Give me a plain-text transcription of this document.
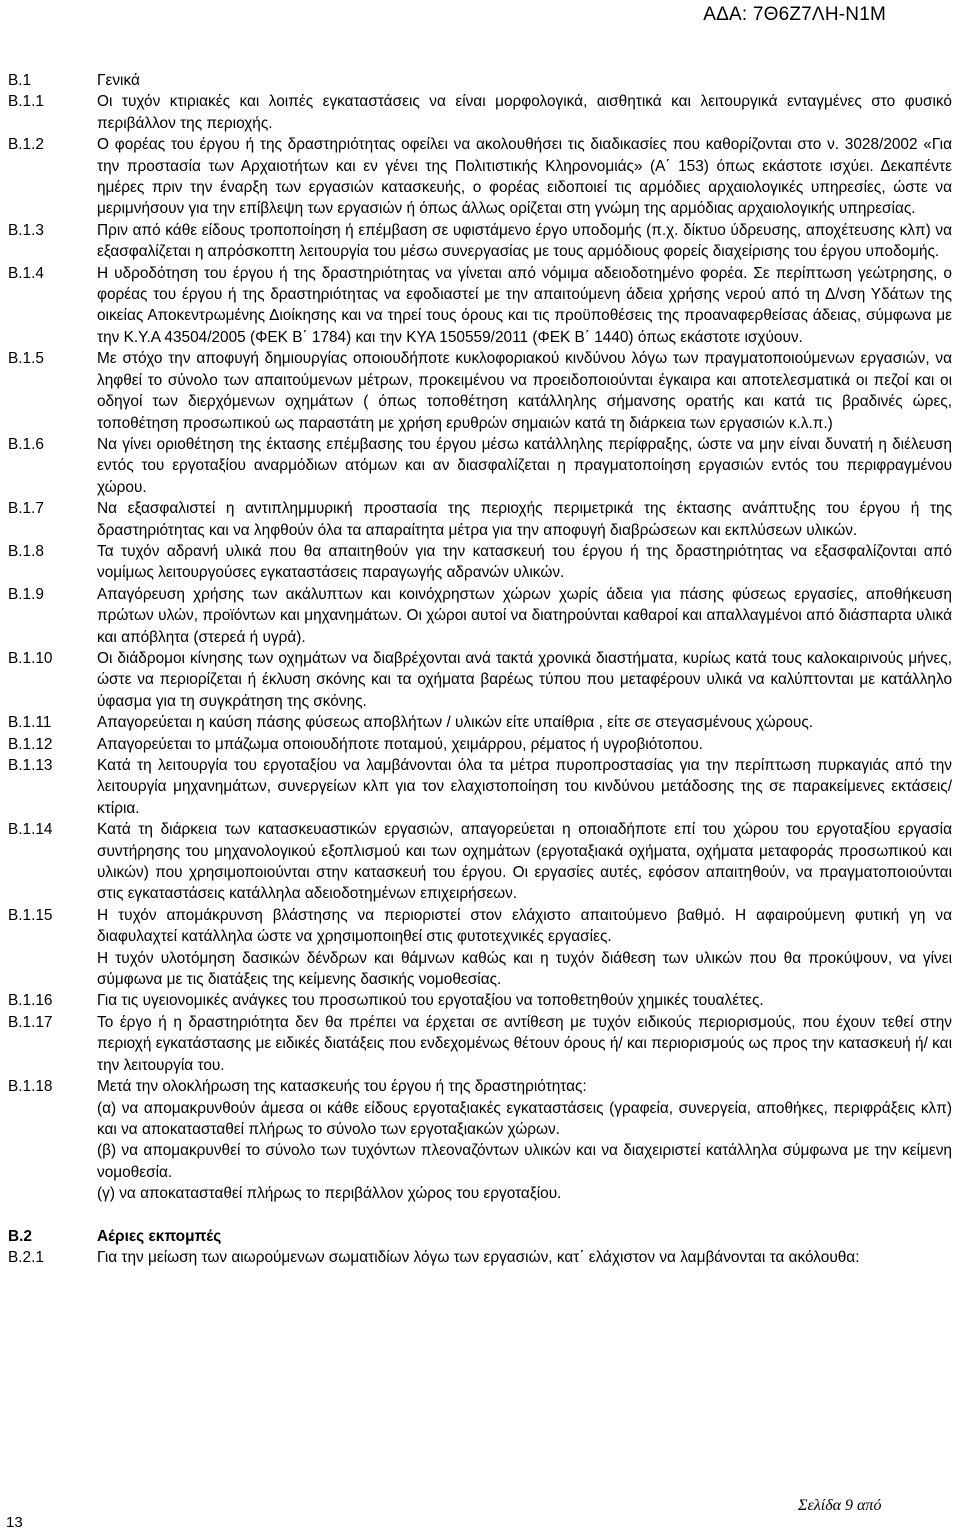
ΑΔΑ: 7Θ6Ζ7ΛΗ-Ν1Μ
Β.1	Γενικά
Β.1.1	Οι τυχόν κτιριακές και λοιπές εγκαταστάσεις να είναι μορφολογικά, αισθητικά και λειτουργικά ενταγμένες στο φυσικό περιβάλλον της περιοχής.
Β.1.2	Ο φορέας του έργου ή της δραστηριότητας οφείλει να ακολουθήσει τις διαδικασίες που καθορίζονται στο ν. 3028/2002 «Για την προστασία των Αρχαιοτήτων και εν γένει της Πολιτιστικής Κληρονομιάς» (Α΄ 153) όπως εκάστοτε ισχύει. Δεκαπέντε ημέρες πριν την έναρξη των εργασιών κατασκευής, ο φορέας ειδοποιεί τις αρμόδιες αρχαιολογικές υπηρεσίες, ώστε να μεριμνήσουν για την επίβλεψη των εργασιών ή όπως άλλως ορίζεται στη γνώμη της αρμόδιας αρχαιολογικής υπηρεσίας.
Β.1.3	Πριν από κάθε είδους τροποποίηση ή επέμβαση σε υφιστάμενο έργο υποδομής (π.χ. δίκτυο ύδρευσης, αποχέτευσης κλπ) να εξασφαλίζεται η απρόσκοπτη λειτουργία του μέσω συνεργασίας με τους αρμόδιους φορείς διαχείρισης του έργου υποδομής.
Β.1.4	Η υδροδότηση του έργου ή της δραστηριότητας να γίνεται από νόμιμα αδειοδοτημένο φορέα. Σε περίπτωση γεώτρησης, ο φορέας του έργου ή της δραστηριότητας να εφοδιαστεί με την απαιτούμενη άδεια χρήσης νερού από τη Δ/νση Υδάτων της οικείας Αποκεντρωμένης Διοίκησης και να τηρεί τους όρους και τις προϋποθέσεις της προαναφερθείσας άδειας, σύμφωνα με την Κ.Υ.Α 43504/2005 (ΦΕΚ Β΄ 1784) και την ΚΥΑ 150559/2011 (ΦΕΚ Β΄ 1440) όπως εκάστοτε ισχύουν.
Β.1.5	Με στόχο την αποφυγή δημιουργίας οποιουδήποτε κυκλοφοριακού κινδύνου λόγω των πραγματοποιούμενων εργασιών, να ληφθεί το σύνολο των απαιτούμενων μέτρων, προκειμένου να προειδοποιούνται έγκαιρα και αποτελεσματικά οι πεζοί και οι οδηγοί των διερχόμενων οχημάτων ( όπως τοποθέτηση κατάλληλης σήμανσης ορατής και κατά τις βραδινές ώρες, τοποθέτηση προσωπικού ως παραστάτη με χρήση ερυθρών σημαιών κατά τη διάρκεια των εργασιών κ.λ.π.)
Β.1.6	Να γίνει οριοθέτηση της έκτασης επέμβασης του έργου μέσω κατάλληλης περίφραξης, ώστε να μην είναι δυνατή η διέλευση εντός του εργοταξίου αναρμόδιων ατόμων και αν διασφαλίζεται η πραγματοποίηση εργασιών εντός του περιφραγμένου χώρου.
Β.1.7	Να εξασφαλιστεί η αντιπλημμυρική προστασία της περιοχής περιμετρικά της έκτασης ανάπτυξης του έργου ή της δραστηριότητας και να ληφθούν όλα τα απαραίτητα μέτρα για την αποφυγή διαβρώσεων και εκπλύσεων υλικών.
Β.1.8	Τα τυχόν αδρανή υλικά που θα απαιτηθούν για την κατασκευή του έργου ή της δραστηριότητας να εξασφαλίζονται από νομίμως λειτουργούσες εγκαταστάσεις παραγωγής αδρανών υλικών.
Β.1.9	Απαγόρευση χρήσης των ακάλυπτων και κοινόχρηστων χώρων χωρίς άδεια για πάσης φύσεως εργασίες, αποθήκευση πρώτων υλών, προϊόντων και μηχανημάτων. Οι χώροι αυτοί να διατηρούνται καθαροί και απαλλαγμένοι από διάσπαρτα υλικά και απόβλητα (στερεά ή υγρά).
Β.1.10	Οι διάδρομοι κίνησης των οχημάτων να διαβρέχονται ανά τακτά χρονικά διαστήματα, κυρίως κατά τους καλοκαιρινούς μήνες, ώστε να περιορίζεται ή έκλυση σκόνης και τα οχήματα βαρέως τύπου που μεταφέρουν υλικά να καλύπτονται με κατάλληλο ύφασμα για τη συγκράτηση της σκόνης.
Β.1.11	Απαγορεύεται η καύση πάσης φύσεως αποβλήτων / υλικών είτε υπαίθρια , είτε σε στεγασμένους χώρους.
Β.1.12	Απαγορεύεται το μπάζωμα οποιουδήποτε ποταμού, χειμάρρου, ρέματος ή υγροβιότοπου.
Β.1.13	Κατά τη λειτουργία του εργοταξίου να λαμβάνονται όλα τα μέτρα πυροπροστασίας για την περίπτωση πυρκαγιάς από την λειτουργία μηχανημάτων, συνεργείων κλπ για τον ελαχιστοποίηση του κινδύνου μετάδοσης της σε παρακείμενες εκτάσεις/ κτίρια.
Β.1.14	Κατά τη διάρκεια των κατασκευαστικών εργασιών, απαγορεύεται η οποιαδήποτε επί του χώρου του εργοταξίου εργασία συντήρησης του μηχανολογικού εξοπλισμού και των οχημάτων (εργοταξιακά οχήματα, οχήματα μεταφοράς προσωπικού και υλικών) που χρησιμοποιούνται στην κατασκευή του έργου. Οι εργασίες αυτές, εφόσον απαιτηθούν, να πραγματοποιούνται στις εγκαταστάσεις κατάλληλα αδειοδοτημένων επιχειρήσεων.
Β.1.15	Η τυχόν απομάκρυνση βλάστησης να περιοριστεί στον ελάχιστο απαιτούμενο βαθμό. Η αφαιρούμενη φυτική γη να διαφυλαχτεί κατάλληλα ώστε να χρησιμοποιηθεί στις φυτοτεχνικές εργασίες.
Η τυχόν υλοτόμηση δασικών δένδρων και θάμνων καθώς και η τυχόν διάθεση των υλικών που θα προκύψουν, να γίνει σύμφωνα με τις διατάξεις της κείμενης δασικής νομοθεσίας.
Β.1.16	Για τις υγειονομικές ανάγκες του προσωπικού του εργοταξίου να τοποθετηθούν χημικές τουαλέτες.
Β.1.17	Το έργο ή η δραστηριότητα δεν θα πρέπει να έρχεται σε αντίθεση με τυχόν ειδικούς περιορισμούς, που έχουν τεθεί στην περιοχή εγκατάστασης με ειδικές διατάξεις που ενδεχομένως θέτουν όρους ή/ και περιορισμούς ως προς την κατασκευή ή/ και την λειτουργία του.
Β.1.18	Μετά την ολοκλήρωση της κατασκευής του έργου ή της δραστηριότητας:
(α) να απομακρυνθούν άμεσα οι κάθε είδους εργοταξιακές εγκαταστάσεις (γραφεία, συνεργεία, αποθήκες, περιφράξεις κλπ) και να αποκατασταθεί πλήρως το σύνολο των εργοταξιακών χώρων.
(β) να απομακρυνθεί το σύνολο των τυχόντων πλεοναζόντων υλικών και να διαχειριστεί κατάλληλα σύμφωνα με την κείμενη νομοθεσία.
(γ) να αποκατασταθεί πλήρως το περιβάλλον χώρος του εργοταξίου.
Β.2	Αέριες εκπομπές
Β.2.1	Για την μείωση των αιωρούμενων σωματιδίων λόγω των εργασιών, κατ΄ ελάχιστον να λαμβάνονται τα ακόλουθα:
Σελίδα 9 από
13
